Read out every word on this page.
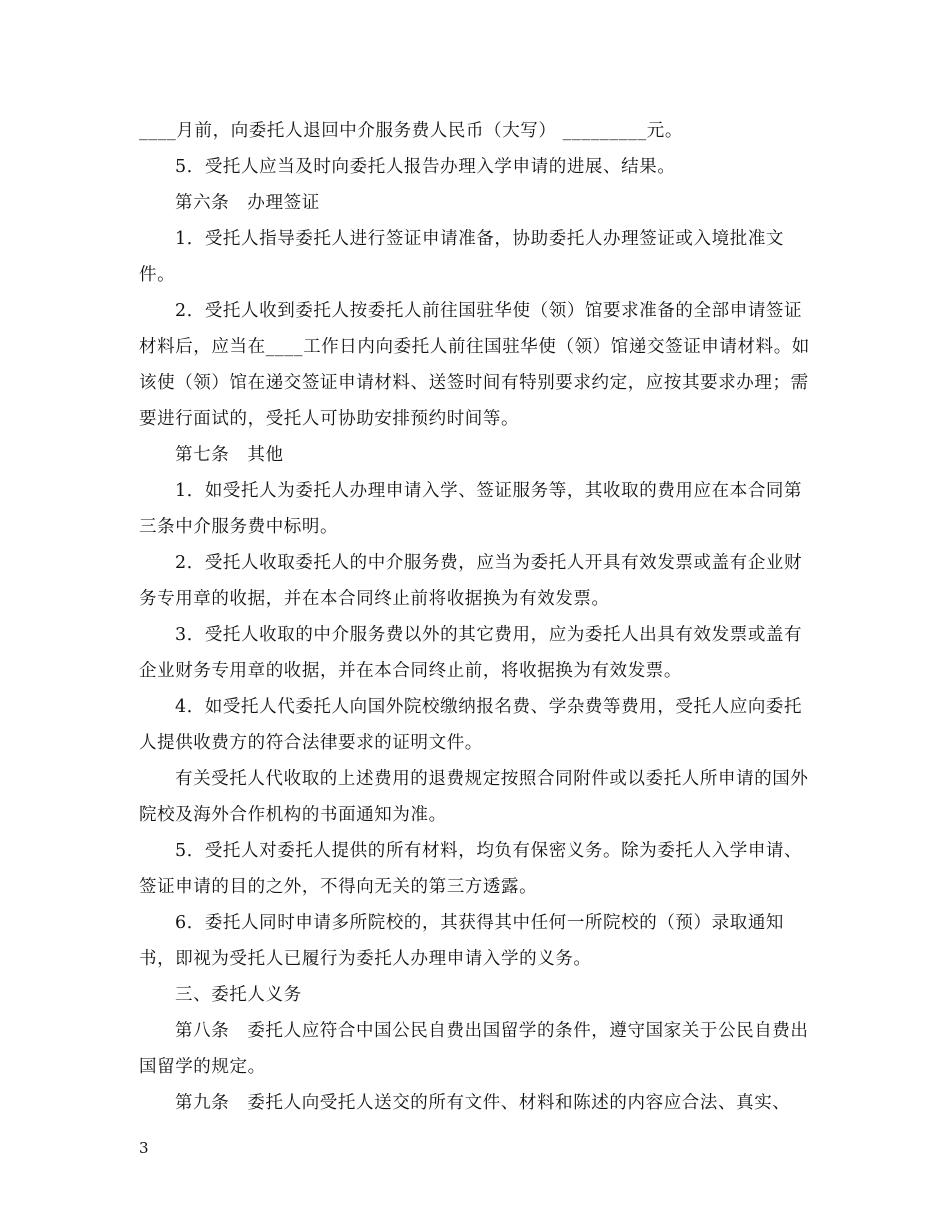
____月前，向委托人退回中介服务费人民币（大写） _________元。

5．受托人应当及时向委托人报告办理入学申请的进展、结果。

第六条　办理签证

1．受托人指导委托人进行签证申请准备，协助委托人办理签证或入境批准文件。

2．受托人收到委托人按委托人前往国驻华使（领）馆要求准备的全部申请签证材料后，应当在____工作日内向委托人前往国驻华使（领）馆递交签证申请材料。如该使（领）馆在递交签证申请材料、送签时间有特别要求约定，应按其要求办理；需要进行面试的，受托人可协助安排预约时间等。

第七条　其他

1．如受托人为委托人办理申请入学、签证服务等，其收取的费用应在本合同第三条中介服务费中标明。

2．受托人收取委托人的中介服务费，应当为委托人开具有效发票或盖有企业财务专用章的收据，并在本合同终止前将收据换为有效发票。

3．受托人收取的中介服务费以外的其它费用，应为委托人出具有效发票或盖有企业财务专用章的收据，并在本合同终止前，将收据换为有效发票。

4．如受托人代委托人向国外院校缴纳报名费、学杂费等费用，受托人应向委托人提供收费方的符合法律要求的证明文件。

有关受托人代收取的上述费用的退费规定按照合同附件或以委托人所申请的国外院校及海外合作机构的书面通知为准。

5．受托人对委托人提供的所有材料，均负有保密义务。除为委托人入学申请、签证申请的目的之外，不得向无关的第三方透露。

6．委托人同时申请多所院校的，其获得其中任何一所院校的（预）录取通知书，即视为受托人已履行为委托人办理申请入学的义务。

三、委托人义务

第八条　委托人应符合中国公民自费出国留学的条件，遵守国家关于公民自费出国留学的规定。

第九条　委托人向受托人送交的所有文件、材料和陈述的内容应合法、真实、

3
